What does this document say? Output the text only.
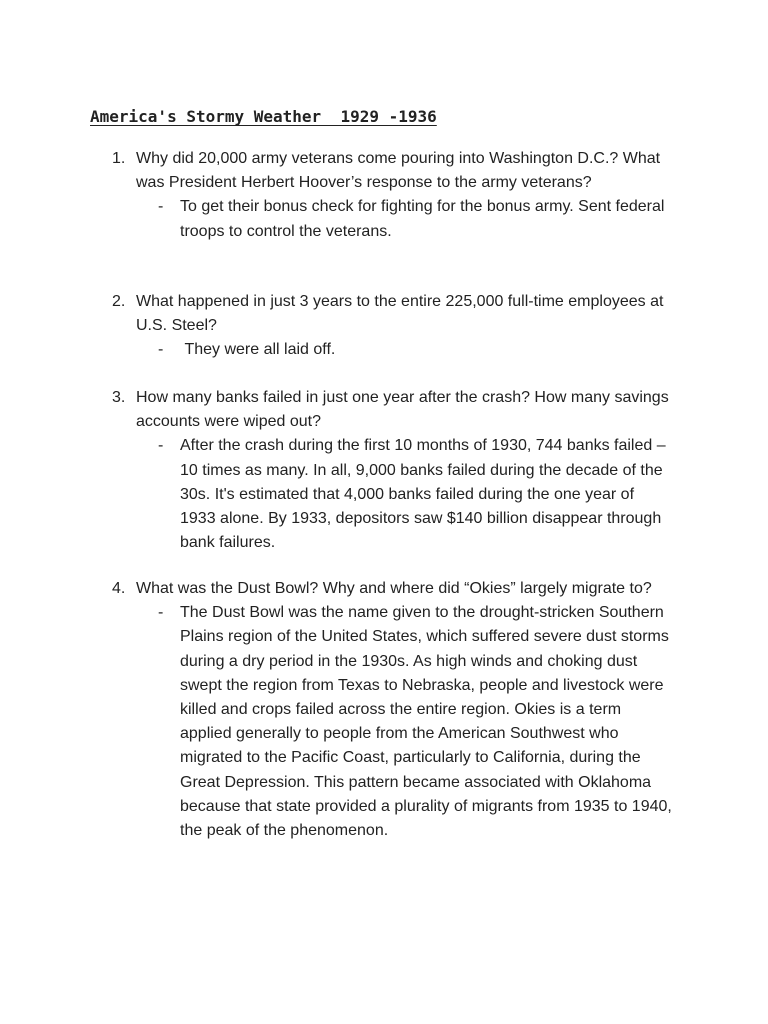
America's Stormy Weather  1929 -1936
1. Why did 20,000 army veterans come pouring into Washington D.C.? What was President Herbert Hoover’s response to the army veterans?
- To get their bonus check for fighting for the bonus army. Sent federal troops to control the veterans.
2. What happened in just 3 years to the entire 225,000 full-time employees at U.S. Steel?
- They were all laid off.
3. How many banks failed in just one year after the crash? How many savings accounts were wiped out?
- After the crash during the first 10 months of 1930, 744 banks failed – 10 times as many. In all, 9,000 banks failed during the decade of the 30s. It's estimated that 4,000 banks failed during the one year of 1933 alone. By 1933, depositors saw $140 billion disappear through bank failures.
4. What was the Dust Bowl? Why and where did “Okies” largely migrate to?
- The Dust Bowl was the name given to the drought-stricken Southern Plains region of the United States, which suffered severe dust storms during a dry period in the 1930s. As high winds and choking dust swept the region from Texas to Nebraska, people and livestock were killed and crops failed across the entire region. Okies is a term applied generally to people from the American Southwest who migrated to the Pacific Coast, particularly to California, during the Great Depression. This pattern became associated with Oklahoma because that state provided a plurality of migrants from 1935 to 1940, the peak of the phenomenon.
